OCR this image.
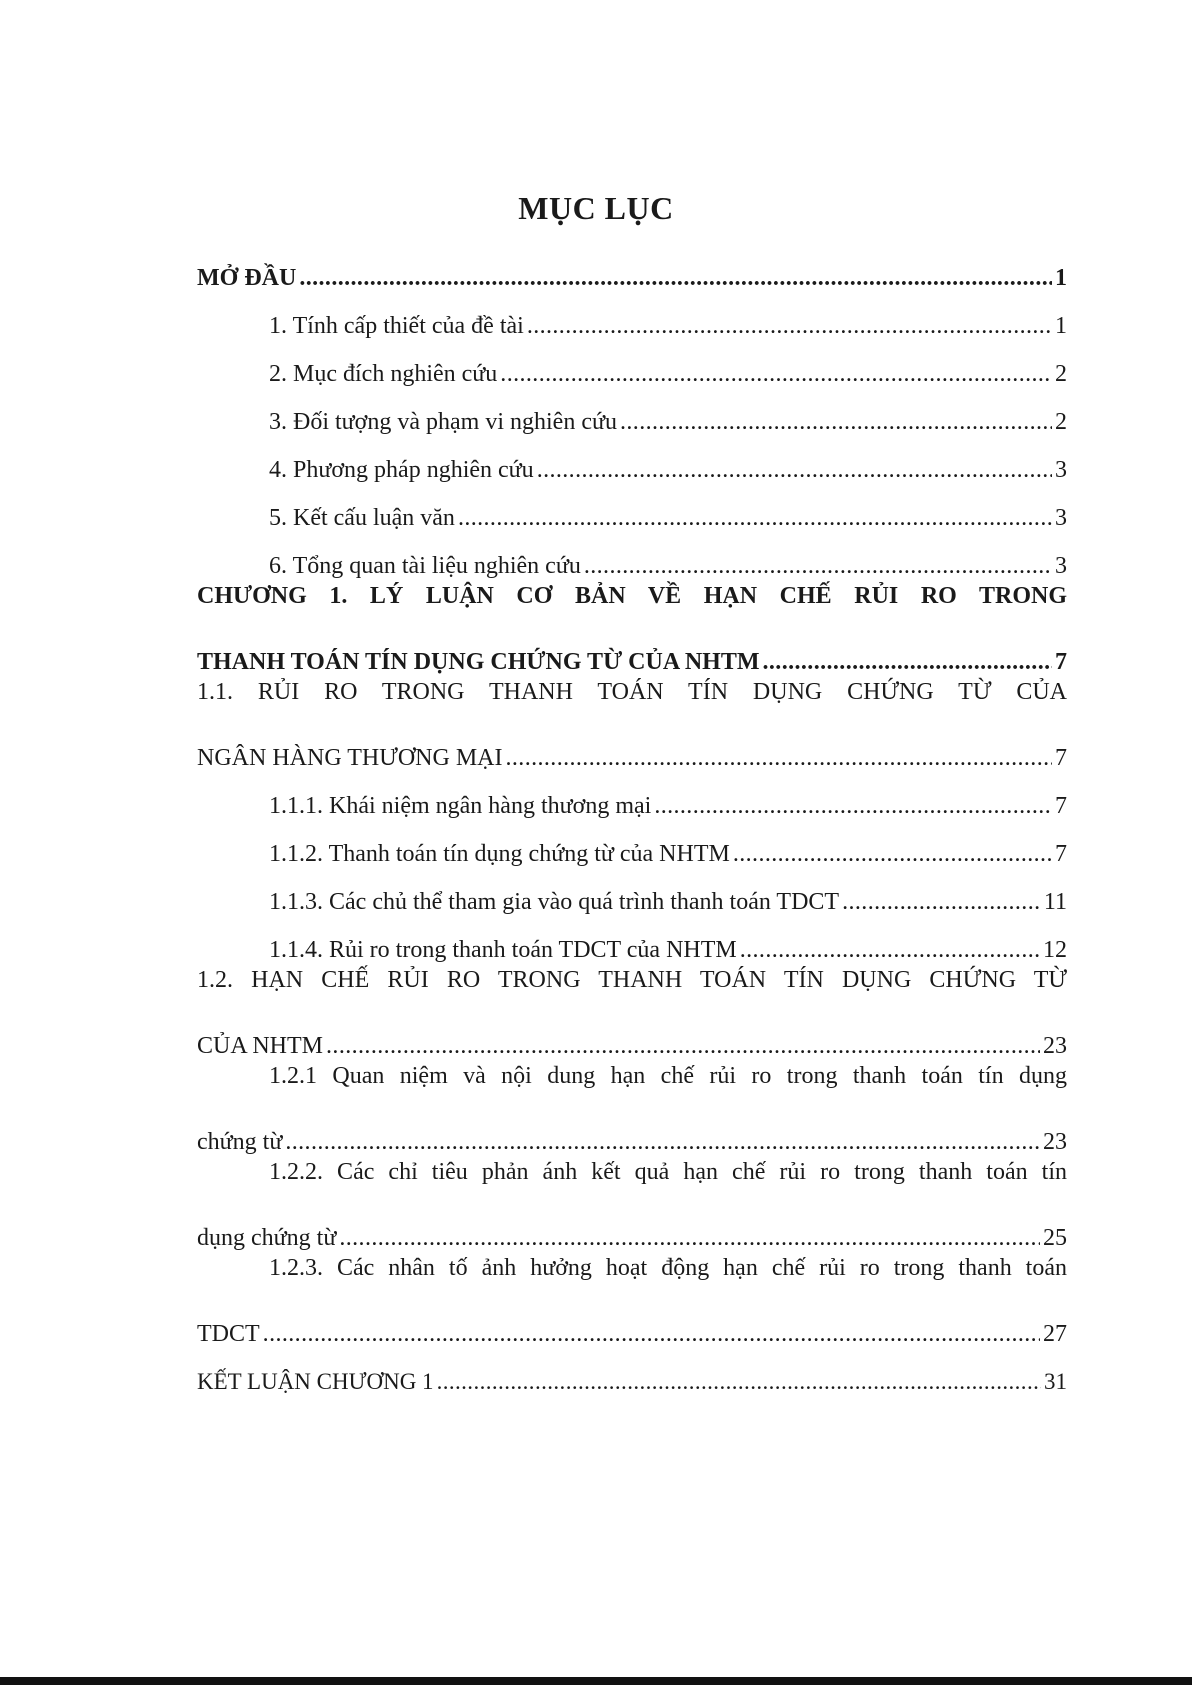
MỤC LỤC
MỞ ĐẦU .....	1
1. Tính cấp thiết của đề tài .....	1
2. Mục đích nghiên cứu .....	2
3. Đối tượng và phạm vi nghiên cứu .....	2
4. Phương pháp nghiên cứu .....	3
5. Kết cấu luận văn .....	3
6. Tổng quan tài liệu nghiên cứu .....	3
CHƯƠNG 1. LÝ LUẬN CƠ BẢN VỀ HẠN CHẾ RỦI RO TRONG
THANH TOÁN TÍN DỤNG CHỨNG TỪ CỦA NHTM .....	7
1.1. RỦI RO TRONG THANH TOÁN TÍN DỤNG CHỨNG TỪ CỦA
NGÂN HÀNG THƯƠNG MẠI .....	7
1.1.1. Khái niệm ngân hàng thương mại .....	7
1.1.2. Thanh toán tín dụng chứng từ của NHTM .....	7
1.1.3. Các chủ thể tham gia vào quá trình thanh toán TDCT .....	11
1.1.4. Rủi ro trong thanh toán TDCT của NHTM .....	12
1.2. HẠN CHẾ RỦI RO TRONG THANH TOÁN TÍN DỤNG CHỨNG TỪ
CỦA NHTM .....	23
1.2.1 Quan niệm và nội dung hạn chế rủi ro trong thanh toán tín dụng
chứng từ .....	23
1.2.2. Các chỉ tiêu phản ánh kết quả hạn chế rủi ro trong thanh toán tín
dụng chứng từ .....	25
1.2.3. Các nhân tố ảnh hưởng hoạt động hạn chế rủi ro trong thanh toán
TDCT .....	27
KẾT LUẬN CHƯƠNG 1 .....	31
